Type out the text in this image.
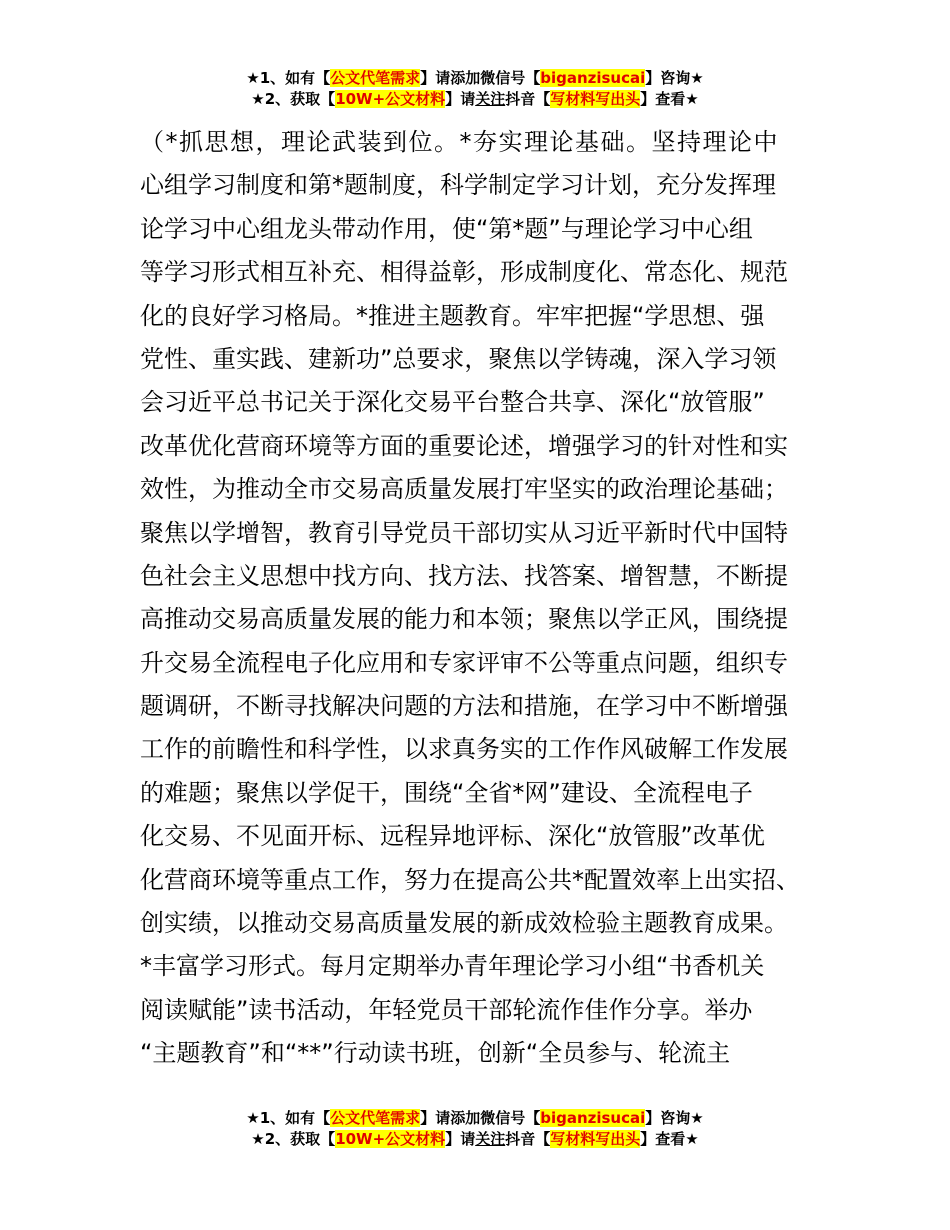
★1、如有【公文代笔需求】请添加微信号【biganzisucai】咨询★
★2、获取【10W+公文材料】请关注抖音【写材料写出头】查看★
（*抓思想，理论武装到位。*夯实理论基础。坚持理论中
心组学习制度和第*题制度，科学制定学习计划，充分发挥理
论学习中心组龙头带动作用，使“第*题”与理论学习中心组
等学习形式相互补充、相得益彰，形成制度化、常态化、规范
化的良好学习格局。*推进主题教育。牢牢把握“学思想、强
党性、重实践、建新功”总要求，聚焦以学铸魂，深入学习领
会习近平总书记关于深化交易平台整合共享、深化“放管服”
改革优化营商环境等方面的重要论述，增强学习的针对性和实
效性，为推动全市交易高质量发展打牢坚实的政治理论基础；
聚焦以学增智，教育引导党员干部切实从习近平新时代中国特
色社会主义思想中找方向、找方法、找答案、增智慧，不断提
高推动交易高质量发展的能力和本领；聚焦以学正风，围绕提
升交易全流程电子化应用和专家评审不公等重点问题，组织专
题调研，不断寻找解决问题的方法和措施，在学习中不断增强
工作的前瞻性和科学性，以求真务实的工作作风破解工作发展
的难题；聚焦以学促干，围绕“全省*网”建设、全流程电子
化交易、不见面开标、远程异地评标、深化“放管服”改革优
化营商环境等重点工作，努力在提高公共*配置效率上出实招、
创实绩，以推动交易高质量发展的新成效检验主题教育成果。
*丰富学习形式。每月定期举办青年理论学习小组“书香机关
阅读赋能”读书活动，年轻党员干部轮流作佳作分享。举办
“主题教育”和“**”行动读书班，创新“全员参与、轮流主
★1、如有【公文代笔需求】请添加微信号【biganzisucai】咨询★
★2、获取【10W+公文材料】请关注抖音【写材料写出头】查看★
